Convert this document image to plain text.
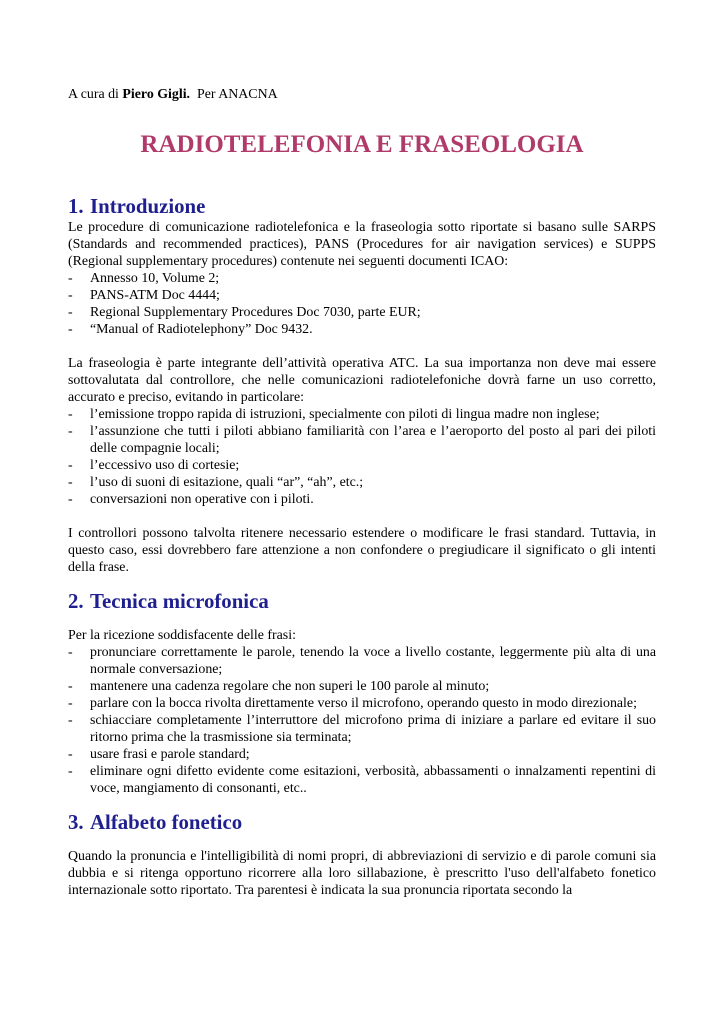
A cura di Piero Gigli.  Per ANACNA

RADIOTELEFONIA E FRASEOLOGIA
1. Introduzione

Le procedure di comunicazione radiotelefonica e la fraseologia sotto riportate si basano sulle SARPS (Standards and recommended practices), PANS (Procedures for air navigation services) e SUPPS (Regional supplementary procedures) contenute nei seguenti documenti ICAO:

- Annesso 10, Volume 2;
- PANS-ATM Doc 4444;
- Regional Supplementary Procedures Doc 7030, parte EUR;
- “Manual of Radiotelephony” Doc 9432.

La fraseologia è parte integrante dell’attività operativa ATC. La sua importanza non deve mai essere sottovalutata dal controllore, che nelle comunicazioni radiotelefoniche dovrà farne un uso corretto, accurato e preciso, evitando in particolare:

- l’emissione troppo rapida di istruzioni, specialmente con piloti di lingua madre non inglese;
- l’assunzione che tutti i piloti abbiano familiarità con l’area e l’aeroporto del posto al pari dei piloti delle compagnie locali;
- l’eccessivo uso di cortesie;
- l’uso di suoni di esitazione, quali “ar”, “ah”, etc.;
- conversazioni non operative con i piloti.

I controllori possono talvolta ritenere necessario estendere o modificare le frasi standard. Tuttavia, in questo caso, essi dovrebbero fare attenzione a non confondere o pregiudicare il significato o gli intenti della frase.

2. Tecnica microfonica

Per la ricezione soddisfacente delle frasi:

- pronunciare correttamente le parole, tenendo la voce a livello costante, leggermente più alta di una normale conversazione;
- mantenere una cadenza regolare che non superi le 100 parole al minuto;
- parlare con la bocca rivolta direttamente verso il microfono, operando questo in modo direzionale;
- schiacciare completamente l’interruttore del microfono prima di iniziare a parlare ed evitare il suo ritorno prima che la trasmissione sia terminata;
- usare frasi e parole standard;
- eliminare ogni difetto evidente come esitazioni, verbosità, abbassamenti o innalzamenti repentini di voce, mangiamento di consonanti, etc..
3. Alfabeto fonetico

Quando la pronuncia e l'intelligibilità di nomi propri, di abbreviazioni di servizio e di parole comuni sia dubbia e si ritenga opportuno ricorrere alla loro sillabazione, è prescritto l'uso dell'alfabeto fonetico internazionale sotto riportato. Tra parentesi è indicata la sua pronuncia riportata secondo la
